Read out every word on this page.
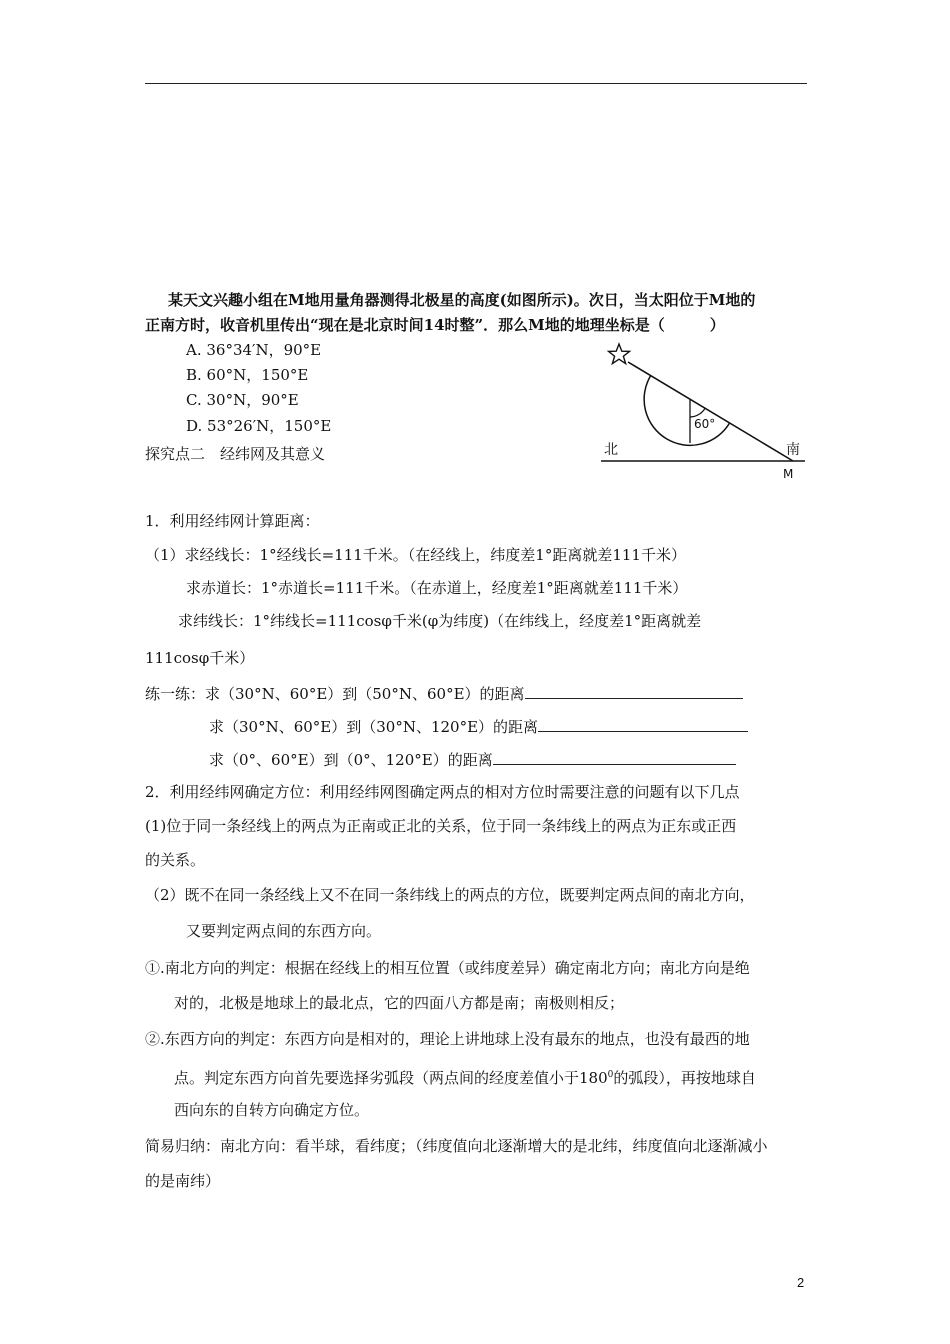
某天文兴趣小组在M地用量角器测得北极星的高度(如图所示)。次日，当太阳位于M地的
正南方时，收音机里传出“现在是北京时间14时整”．那么M地的地理坐标是（　　　）
A. 36°34′N，90°E
B. 60°N，150°E
C. 30°N，90°E
D. 53°26′N，150°E	60°
北	南
M
探究点二　经纬网及其意义
1．利用经纬网计算距离：
（1）求经线长：1°经线长=111千米。（在经线上，纬度差1°距离就差111千米）
求赤道长：1°赤道长=111千米。（在赤道上，经度差1°距离就差111千米）
求纬线长：1°纬线长=111cosφ千米(φ为纬度)（在纬线上，经度差1°距离就差
111cosφ千米）
练一练：求（30°N、60°E）到（50°N、60°E）的距离
求（30°N、60°E）到（30°N、120°E）的距离
求（0°、60°E）到（0°、120°E）的距离
2．利用经纬网确定方位：利用经纬网图确定两点的相对方位时需要注意的问题有以下几点
(1)位于同一条经线上的两点为正南或正北的关系，位于同一条纬线上的两点为正东或正西
的关系。
（2）既不在同一条经线上又不在同一条纬线上的两点的方位，既要判定两点间的南北方向，
又要判定两点间的东西方向。
①.南北方向的判定：根据在经线上的相互位置（或纬度差异）确定南北方向；南北方向是绝
对的，北极是地球上的最北点，它的四面八方都是南；南极则相反；
②.东西方向的判定：东西方向是相对的，理论上讲地球上没有最东的地点，也没有最西的地
点。判定东西方向首先要选择劣弧段（两点间的经度差值小于$180^0$的弧段），再按地球自
西向东的自转方向确定方位。
简易归纳：南北方向：看半球，看纬度；（纬度值向北逐渐增大的是北纬，纬度值向北逐渐减小
的是南纬）
2
